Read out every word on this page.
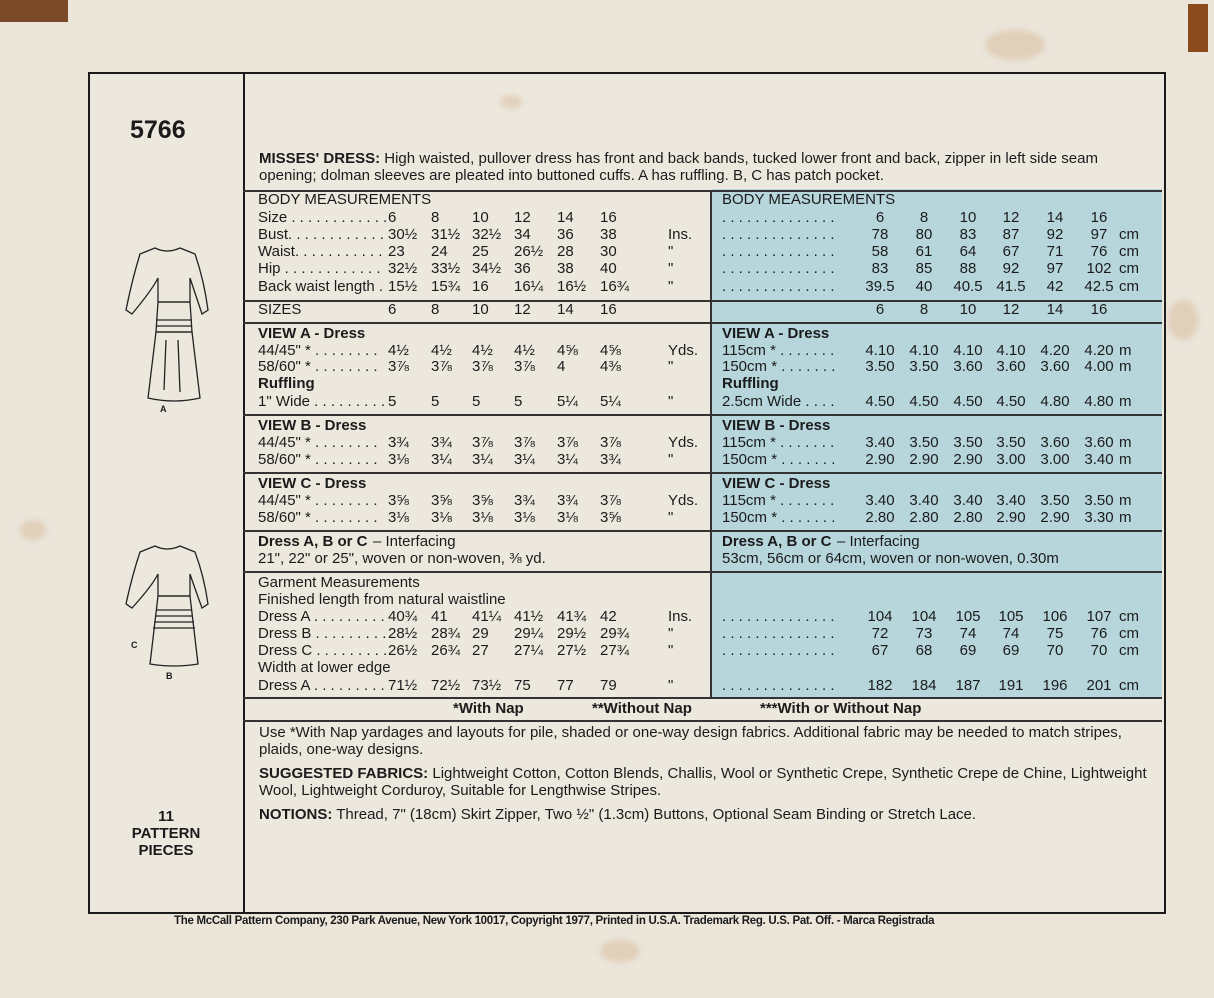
5766
A
C
B
11
PATTERN
PIECES
MISSES' DRESS: High waisted, pullover dress has front and back bands, tucked lower front and back, zipper in left side seam opening; dolman sleeves are pleated into buttoned cuffs. A has ruffling. B, C has patch pocket.
BODY MEASUREMENTS
Size . . . . . . . . . . . . 6 8 10 12 14 16
Bust. . . . . . . . . . . . 30½ 31½ 32½ 34 36 38	Ins.
Waist. . . . . . . . . . . 23 24 25 26½ 28 30	"
Hip . . . . . . . . . . . . 32½ 33½ 34½ 36 38 40	"
Back waist length . 15½ 15¾ 16 16¼ 16½ 16¾	"
SIZES	6 8 10 12 14 16
VIEW A - Dress
44/45" * . . . . . . . . 4½ 4½ 4½ 4½ 4⅝ 4⅝	Yds.
58/60" * . . . . . . . . 3⅞ 3⅞ 3⅞ 3⅞ 4 4⅜	"
Ruffling
1" Wide . . . . . . . . . 5 5 5 5 5¼ 5¼	"
VIEW B - Dress
44/45" * . . . . . . . . 3¾ 3¾ 3⅞ 3⅞ 3⅞ 3⅞	Yds.
58/60" * . . . . . . . . 3⅛ 3¼ 3¼ 3¼ 3¼ 3¾	"
VIEW C - Dress
44/45" * . . . . . . . . 3⅝ 3⅝ 3⅝ 3¾ 3¾ 3⅞	Yds.
58/60" * . . . . . . . . 3⅛ 3⅛ 3⅛ 3⅛ 3⅛ 3⅝	"
Dress A, B or C – Interfacing
21", 22" or 25", woven or non-woven, ⅜ yd.
Garment Measurements
Finished length from natural waistline
Dress A . . . . . . . . . 40¾ 41 41¼ 41½ 41¾ 42	Ins.
Dress B . . . . . . . . . 28½ 28¾ 29 29¼ 29½ 29¾	"
Dress C . . . . . . . . . 26½ 26¾ 27 27¼ 27½ 27¾	"
Width at lower edge
Dress A . . . . . . . . . 71½ 72½ 73½ 75 77 79	"
BODY MEASUREMENTS
. . . . . . . . . . . . . .	6 8 10 12 14 16
. . . . . . . . . . . . . . 78 80 83 87 92 97 cm
. . . . . . . . . . . . . . 58 61 64 67 71 76 cm
. . . . . . . . . . . . . . 83 85 88 92 97 102 cm
. . . . . . . . . . . . . . 39.5 40 40.5 41.5 42 42.5 cm
6 8 10 12 14 16
VIEW A - Dress
115cm * . . . . . . . 4.10 4.10 4.10 4.10 4.20 4.20 m
150cm * . . . . . . . 3.50 3.50 3.60 3.60 3.60 4.00 m
Ruffling
2.5cm Wide . . . . 4.50 4.50 4.50 4.50 4.80 4.80 m
VIEW B - Dress
115cm * . . . . . . . 3.40 3.50 3.50 3.50 3.60 3.60 m
150cm * . . . . . . . 2.90 2.90 2.90 3.00 3.00 3.40 m
VIEW C - Dress
115cm * . . . . . . . 3.40 3.40 3.40 3.40 3.50 3.50 m
150cm * . . . . . . . 2.80 2.80 2.80 2.90 2.90 3.30 m
Dress A, B or C – Interfacing
53cm, 56cm or 64cm, woven or non-woven, 0.30m
. . . . . . . . . . . . . . 104 104 105 105 106 107 cm
. . . . . . . . . . . . . . 72 73 74 74 75 76 cm
. . . . . . . . . . . . . . 67 68 69 69 70 70 cm
. . . . . . . . . . . . . . 182 184 187 191 196 201 cm
*With Nap	**Without Nap	***With or Without Nap
Use *With Nap yardages and layouts for pile, shaded or one-way design fabrics. Additional fabric may be needed to match stripes, plaids, one-way designs.
SUGGESTED FABRICS: Lightweight Cotton, Cotton Blends, Challis, Wool or Synthetic Crepe, Synthetic Crepe de Chine, Lightweight Wool, Lightweight Corduroy, Suitable for Lengthwise Stripes.
NOTIONS: Thread, 7" (18cm) Skirt Zipper, Two ½" (1.3cm) Buttons, Optional Seam Binding or Stretch Lace.
The McCall Pattern Company, 230 Park Avenue, New York 10017, Copyright 1977, Printed in U.S.A. Trademark Reg. U.S. Pat. Off. - Marca Registrada
